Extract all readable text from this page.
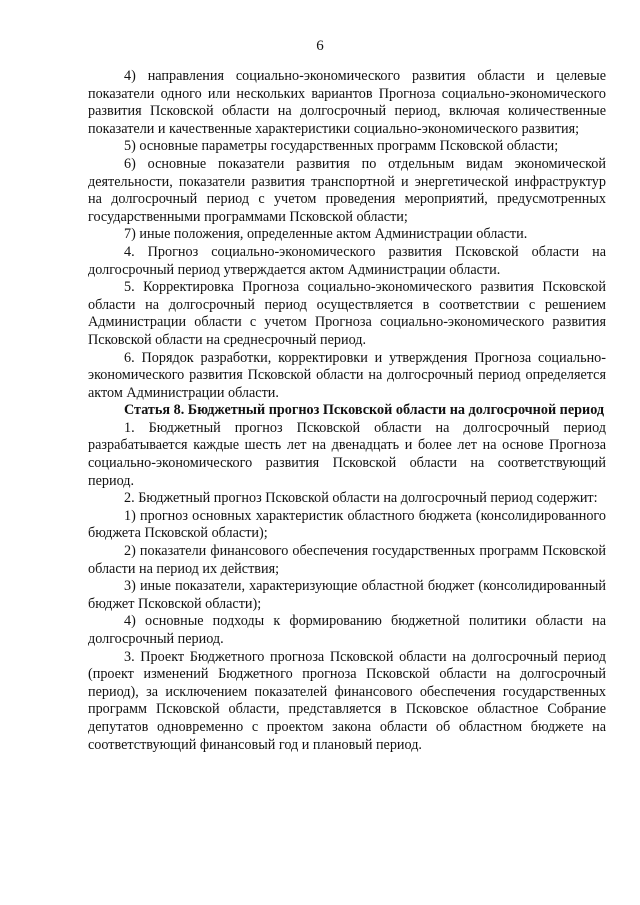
6

4) направления социально-экономического развития области и целевые показатели одного или нескольких вариантов Прогноза социально-экономического развития Псковской области на долгосрочный период, включая количественные показатели и качественные характеристики социально-экономического развития;

5) основные параметры государственных программ Псковской области;

6) основные показатели развития по отдельным видам экономической деятельности, показатели развития транспортной и энергетической инфраструктур на долгосрочный период с учетом проведения мероприятий, предусмотренных государственными программами Псковской области;

7) иные положения, определенные актом Администрации области.

4. Прогноз социально-экономического развития Псковской области на долгосрочный период утверждается актом Администрации области.

5. Корректировка Прогноза социально-экономического развития Псковской области на долгосрочный период осуществляется в соответствии с решением Администрации области с учетом Прогноза социально-экономического развития Псковской области на среднесрочный период.

6. Порядок разработки, корректировки и утверждения Прогноза социально-экономического развития Псковской области на долгосрочный период определяется актом Администрации области.

Статья 8. Бюджетный прогноз Псковской области на долгосрочной период

1. Бюджетный прогноз Псковской области на долгосрочный период разрабатывается каждые шесть лет на двенадцать и более лет на основе Прогноза социально-экономического развития Псковской области на соответствующий период.

2. Бюджетный прогноз Псковской области на долгосрочный период содержит:

1) прогноз основных характеристик областного бюджета (консолидированного бюджета Псковской области);

2) показатели финансового обеспечения государственных программ Псковской области на период их действия;

3) иные показатели, характеризующие областной бюджет (консолидированный бюджет Псковской области);

4) основные подходы к формированию бюджетной политики области на долгосрочный период.

3. Проект Бюджетного прогноза Псковской области на долгосрочный период (проект изменений Бюджетного прогноза Псковской области на долгосрочный период), за исключением показателей финансового обеспечения государственных программ Псковской области, представляется в Псковское областное Собрание депутатов одновременно с проектом закона области об областном бюджете на соответствующий финансовый год и плановый период.
